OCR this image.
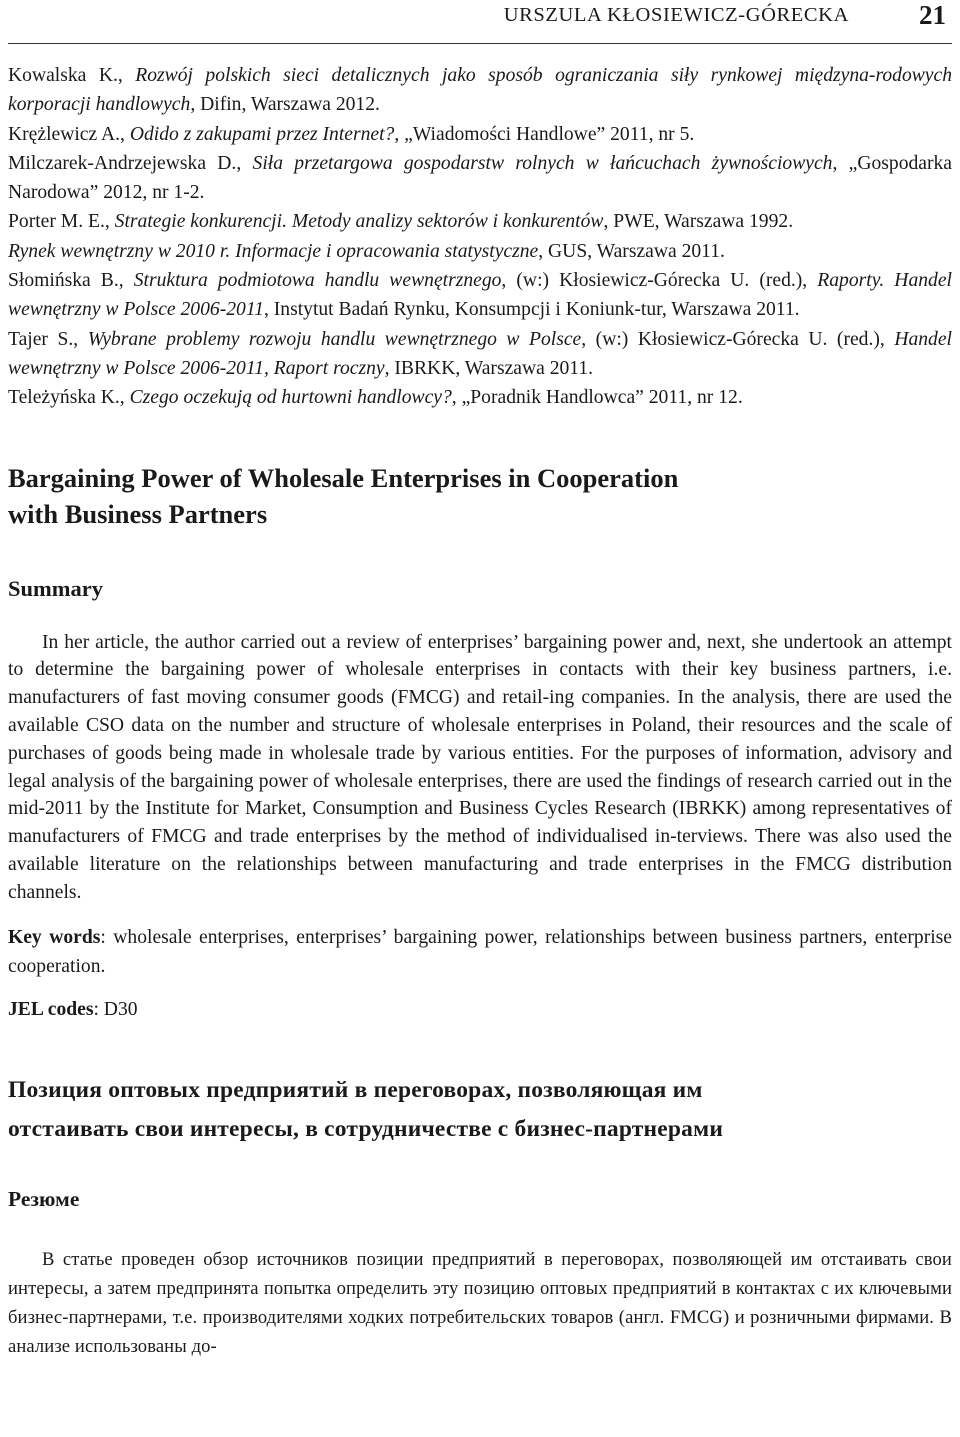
URSZULA KŁOSIEWICZ-GÓRECKA	21
Kowalska K., Rozwój polskich sieci detalicznych jako sposób ograniczania siły rynkowej międzyna-rodowych korporacji handlowych, Difin, Warszawa 2012.
Krężlewicz A., Odido z zakupami przez Internet?, „Wiadomości Handlowe” 2011, nr 5.
Milczarek-Andrzejewska D., Siła przetargowa gospodarstw rolnych w łańcuchach żywnościowych, „Gospodarka Narodowa” 2012, nr 1-2.
Porter M. E., Strategie konkurencji. Metody analizy sektorów i konkurentów, PWE, Warszawa 1992.
Rynek wewnętrzny w 2010 r. Informacje i opracowania statystyczne, GUS, Warszawa 2011.
Słomińska B., Struktura podmiotowa handlu wewnętrznego, (w:) Kłosiewicz-Górecka U. (red.), Raporty. Handel wewnętrzny w Polsce 2006-2011, Instytut Badań Rynku, Konsumpcji i Koniunk-tur, Warszawa 2011.
Tajer S., Wybrane problemy rozwoju handlu wewnętrznego w Polsce, (w:) Kłosiewicz-Górecka U. (red.), Handel wewnętrzny w Polsce 2006-2011, Raport roczny, IBRKK, Warszawa 2011.
Teleżyńska K., Czego oczekują od hurtowni handlowcy?, „Poradnik Handlowca” 2011, nr 12.
Bargaining Power of Wholesale Enterprises in Cooperation
with Business Partners
Summary
In her article, the author carried out a review of enterprises’ bargaining power and, next, she undertook an attempt to determine the bargaining power of wholesale enterprises in contacts with their key business partners, i.e. manufacturers of fast moving consumer goods (FMCG) and retail-ing companies. In the analysis, there are used the available CSO data on the number and structure of wholesale enterprises in Poland, their resources and the scale of purchases of goods being made in wholesale trade by various entities. For the purposes of information, advisory and legal analysis of the bargaining power of wholesale enterprises, there are used the findings of research carried out in the mid-2011 by the Institute for Market, Consumption and Business Cycles Research (IBRKK) among representatives of manufacturers of FMCG and trade enterprises by the method of individualised in-terviews. There was also used the available literature on the relationships between manufacturing and trade enterprises in the FMCG distribution channels.
Key words: wholesale enterprises, enterprises’ bargaining power, relationships between business partners, enterprise cooperation.
JEL codes: D30
Позиция оптовых предприятий в переговорах, позволяющая им
отстаивать свои интересы, в сотрудничестве с бизнес-партнерами
Резюме
В статье проведен обзор источников позиции предприятий в переговорах, позволяющей им отстаивать свои интересы, а затем предпринята попытка определить эту позицию оптовых предприятий в контактах с их ключевыми бизнес-партнерами, т.е. производителями ходких потребительских товаров (англ. FMCG) и розничными фирмами. В анализе использованы до-
